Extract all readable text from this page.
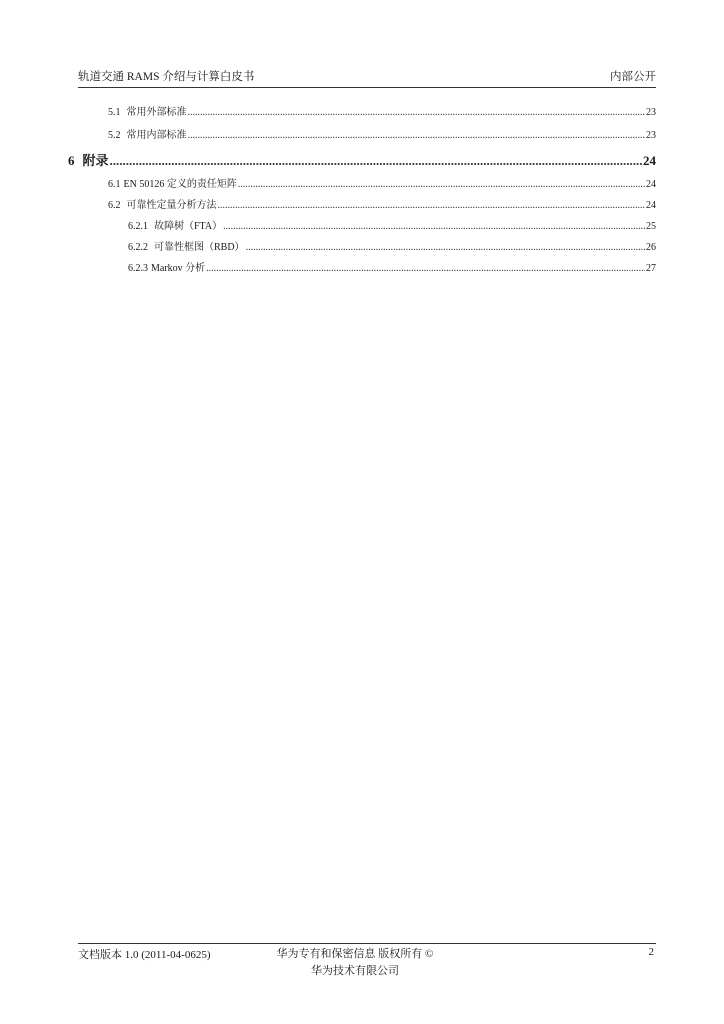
轨道交通 RAMS 介绍与计算白皮书	内部公开
5.1 常用外部标准 .....	23
5.2 常用内部标准 .....	23
6 附录 .....	24
6.1 EN 50126 定义的责任矩阵 .....	24
6.2 可靠性定量分析方法 .....	24
6.2.1 故障树（FTA） .....	25
6.2.2 可靠性框图（RBD） .....	26
6.2.3 Markov 分析 .....	27
文档版本 1.0 (2011-04-0625)	华为专有和保密信息 版权所有 ©
华为技术有限公司
2
